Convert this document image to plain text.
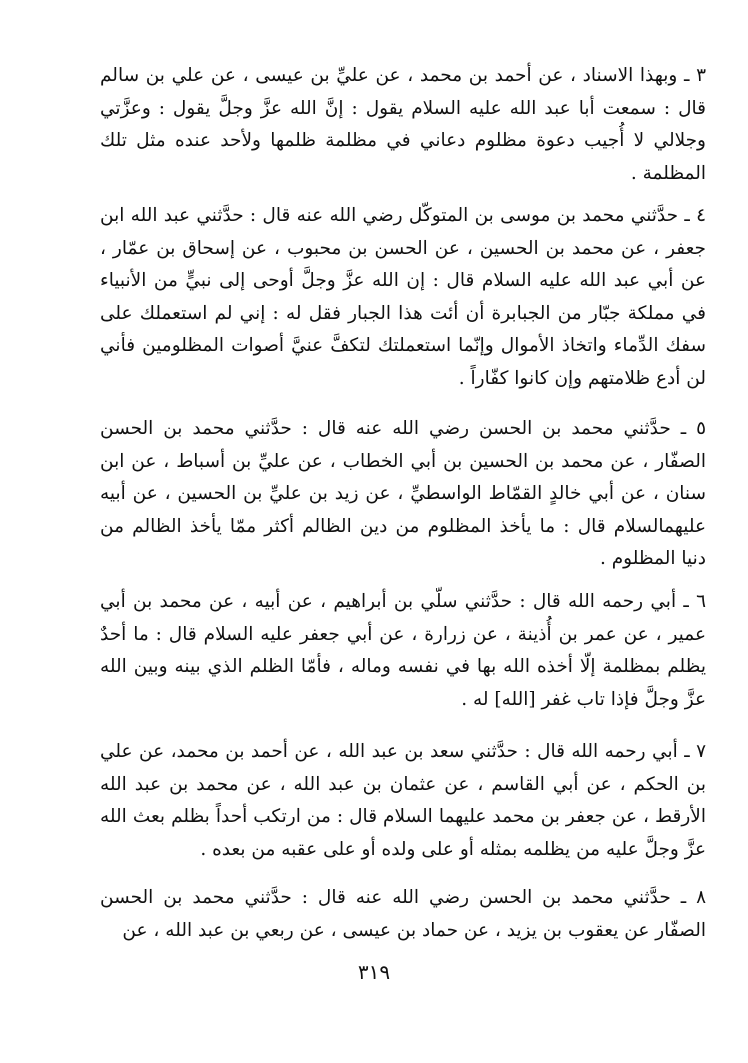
٣ ـ وبهذا الاسناد ، عن أحمد بن محمد ، عن عليِّ بن عيسى ، عن علي بن سالم قال : سمعت أبا عبد الله عليه السلام يقول : إنَّ الله عزَّ وجلَّ يقول : وعزَّتي وجلالي لا أُجيب دعوة مظلوم دعاني في مظلمة ظلمها ولأحد عنده مثل تلك المظلمة .
٤ ـ حدَّثني محمد بن موسى بن المتوكّل رضي الله عنه قال : حدَّثني عبد الله ابن جعفر ، عن محمد بن الحسين ، عن الحسن بن محبوب ، عن إسحاق بن عمّار ، عن أبي عبد الله عليه السلام قال : إن الله عزَّ وجلَّ أوحى إلى نبيٍّ من الأنبياء في مملكة جبّار من الجبابرة أن أئت هذا الجبار فقل له : إني لم استعملك على سفك الدِّماء واتخاذ الأموال وإنّما استعملتك لتكفَّ عنيَّ أصوات المظلومين فأني لن أدع ظلامتهم وإن كانوا كفّاراً .
٥ ـ حدَّثني محمد بن الحسن رضي الله عنه قال : حدَّثني محمد بن الحسن الصفّار ، عن محمد بن الحسين بن أبي الخطاب ، عن عليِّ بن أسباط ، عن ابن سنان ، عن أبي خالدٍ القمّاط الواسطيِّ ، عن زيد بن عليِّ بن الحسين ، عن أبيه عليهمالسلام قال : ما يأخذ المظلوم من دين الظالم أكثر ممّا يأخذ الظالم من دنيا المظلوم .
٦ ـ أبي رحمه الله قال : حدَّثني سلّي بن أبراهيم ، عن أبيه ، عن محمد بن أبي عمير ، عن عمر بن أُذينة ، عن زرارة ، عن أبي جعفر عليه السلام قال : ما أحدٌ يظلم بمظلمة إلّا أخذه الله بها في نفسه وماله ، فأمّا الظلم الذي بينه وبين الله عزَّ وجلَّ فإذا تاب غفر [الله] له .
٧ ـ أبي رحمه الله قال : حدَّثني سعد بن عبد الله ، عن أحمد بن محمد، عن علي بن الحكم ، عن أبي القاسم ، عن عثمان بن عبد الله ، عن محمد بن عبد الله الأرقط ، عن جعفر بن محمد عليهما السلام قال : من ارتكب أحداً بظلم بعث الله عزَّ وجلَّ عليه من يظلمه بمثله أو على ولده أو على عقبه من بعده .
٨ ـ حدَّثني محمد بن الحسن رضي الله عنه قال : حدَّثني محمد بن الحسن الصفّار عن يعقوب بن يزيد ، عن حماد بن عيسى ، عن ربعي بن عبد الله ، عن
٣١٩
